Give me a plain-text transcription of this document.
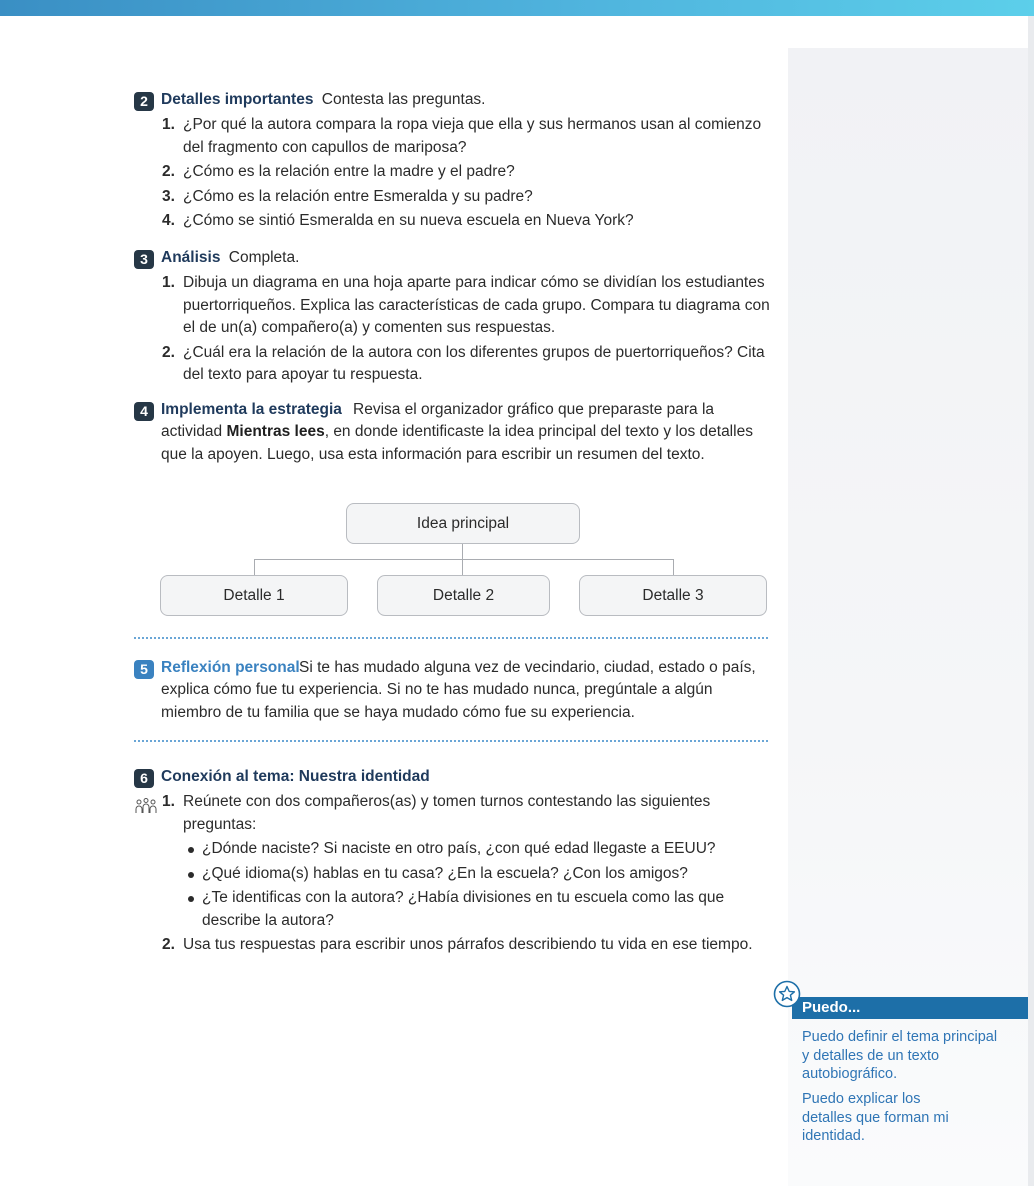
2 Detalles importantes Contesta las preguntas.
1. ¿Por qué la autora compara la ropa vieja que ella y sus hermanos usan al comienzo del fragmento con capullos de mariposa?
2. ¿Cómo es la relación entre la madre y el padre?
3. ¿Cómo es la relación entre Esmeralda y su padre?
4. ¿Cómo se sintió Esmeralda en su nueva escuela en Nueva York?
3 Análisis Completa.
1. Dibuja un diagrama en una hoja aparte para indicar cómo se dividían los estudiantes puertorriqueños. Explica las características de cada grupo. Compara tu diagrama con el de un(a) compañero(a) y comenten sus respuestas.
2. ¿Cuál era la relación de la autora con los diferentes grupos de puertorriqueños? Cita del texto para apoyar tu respuesta.
4 Implementa la estrategia Revisa el organizador gráfico que preparaste para la actividad Mientras lees, en donde identificaste la idea principal del texto y los detalles que la apoyen. Luego, usa esta información para escribir un resumen del texto.
Idea principal
Detalle 1	Detalle 2	Detalle 3
5 Reflexión personal Si te has mudado alguna vez de vecindario, ciudad, estado o país, explica cómo fue tu experiencia. Si no te has mudado nunca, pregúntale a algún miembro de tu familia que se haya mudado cómo fue su experiencia.
6 Conexión al tema: Nuestra identidad
1. Reúnete con dos compañeros(as) y tomen turnos contestando las siguientes preguntas:
¿Dónde naciste? Si naciste en otro país, ¿con qué edad llegaste a EEUU?
¿Qué idioma(s) hablas en tu casa? ¿En la escuela? ¿Con los amigos?
¿Te identificas con la autora? ¿Había divisiones en tu escuela como las que describe la autora?
2. Usa tus respuestas para escribir unos párrafos describiendo tu vida en ese tiempo.
Puedo...
Puedo definir el tema principal y detalles de un texto autobiográfico.
Puedo explicar los detalles que forman mi identidad.
